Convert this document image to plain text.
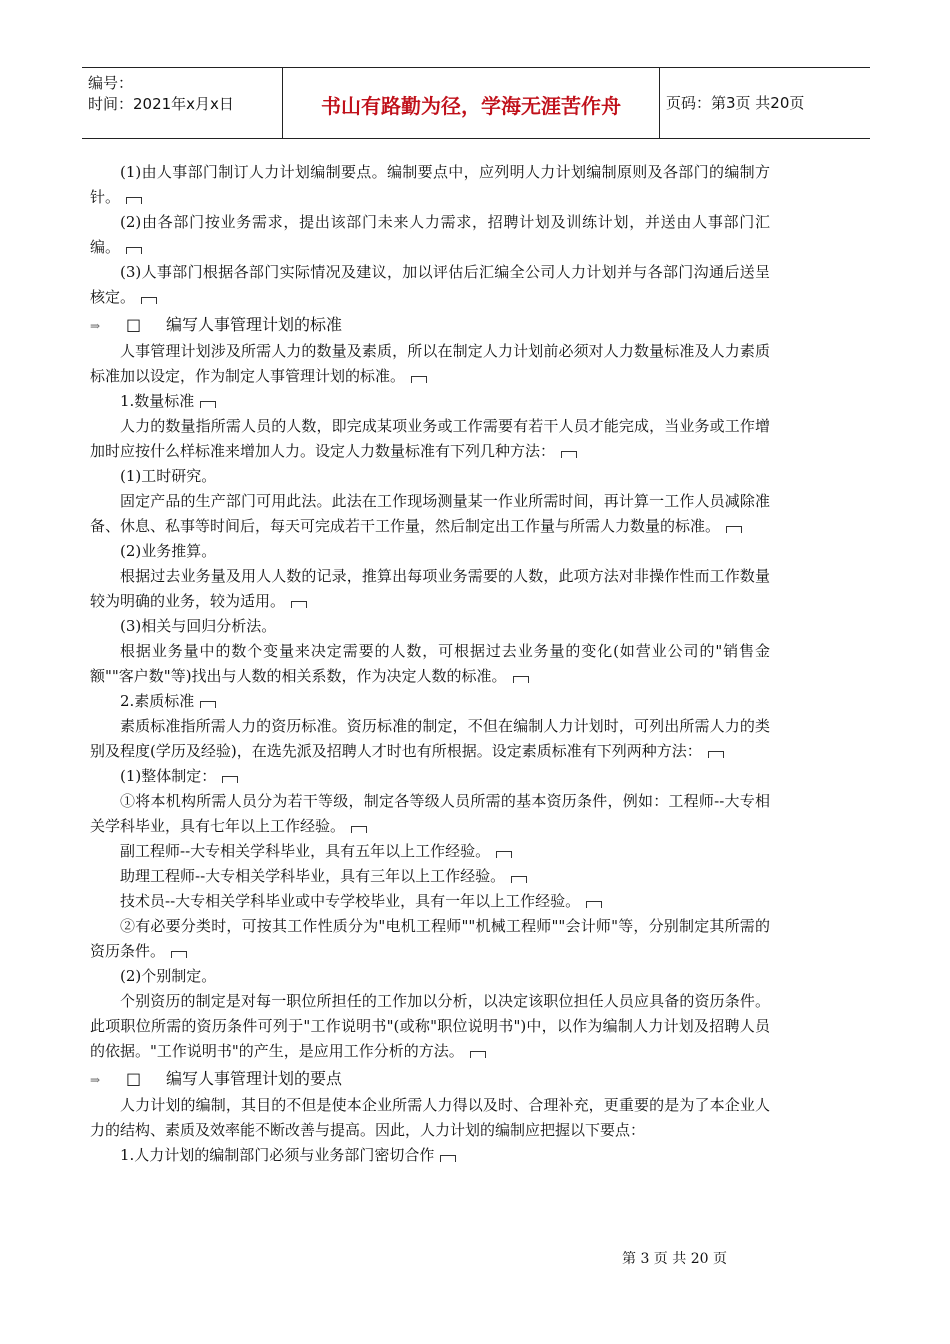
编号：
时间：2021年x月x日	书山有路勤为径，学海无涯苦作舟	页码：第3页 共20页

(1)由人事部门制订人力计划编制要点。编制要点中，应列明人力计划编制原则及各部门的编制方针。

(2)由各部门按业务需求，提出该部门未来人力需求，招聘计划及训练计划，并送由人事部门汇编。

(3)人事部门根据各部门实际情况及建议，加以评估后汇编全公司人力计划并与各部门沟通后送呈核定。

⇒ □ 编写人事管理计划的标准

人事管理计划涉及所需人力的数量及素质，所以在制定人力计划前必须对人力数量标准及人力素质标准加以设定，作为制定人事管理计划的标准。

1.数量标准

人力的数量指所需人员的人数，即完成某项业务或工作需要有若干人员才能完成，当业务或工作增加时应按什么样标准来增加人力。设定人力数量标准有下列几种方法：

(1)工时研究。

固定产品的生产部门可用此法。此法在工作现场测量某一作业所需时间，再计算一工作人员减除准备、休息、私事等时间后，每天可完成若干工作量，然后制定出工作量与所需人力数量的标准。

(2)业务推算。

根据过去业务量及用人人数的记录，推算出每项业务需要的人数，此项方法对非操作性而工作数量较为明确的业务，较为适用。

(3)相关与回归分析法。

根据业务量中的数个变量来决定需要的人数，可根据过去业务量的变化(如营业公司的"销售金额""客户数"等)找出与人数的相关系数，作为决定人数的标准。

2.素质标准

素质标准指所需人力的资历标准。资历标准的制定，不但在编制人力计划时，可列出所需人力的类别及程度(学历及经验)，在选先派及招聘人才时也有所根据。设定素质标准有下列两种方法：

(1)整体制定：

①将本机构所需人员分为若干等级，制定各等级人员所需的基本资历条件，例如：工程师--大专相关学科毕业，具有七年以上工作经验。

副工程师--大专相关学科毕业，具有五年以上工作经验。

助理工程师--大专相关学科毕业，具有三年以上工作经验。

技术员--大专相关学科毕业或中专学校毕业，具有一年以上工作经验。

②有必要分类时，可按其工作性质分为"电机工程师""机械工程师""会计师"等，分别制定其所需的资历条件。

(2)个别制定。

个别资历的制定是对每一职位所担任的工作加以分析，以决定该职位担任人员应具备的资历条件。此项职位所需的资历条件可列于"工作说明书"(或称"职位说明书")中，以作为编制人力计划及招聘人员的依据。"工作说明书"的产生，是应用工作分析的方法。

⇒ □ 编写人事管理计划的要点

人力计划的编制，其目的不但是使本企业所需人力得以及时、合理补充，更重要的是为了本企业人力的结构、素质及效率能不断改善与提高。因此，人力计划的编制应把握以下要点：

1.人力计划的编制部门必须与业务部门密切合作

第 3 页 共 20 页
